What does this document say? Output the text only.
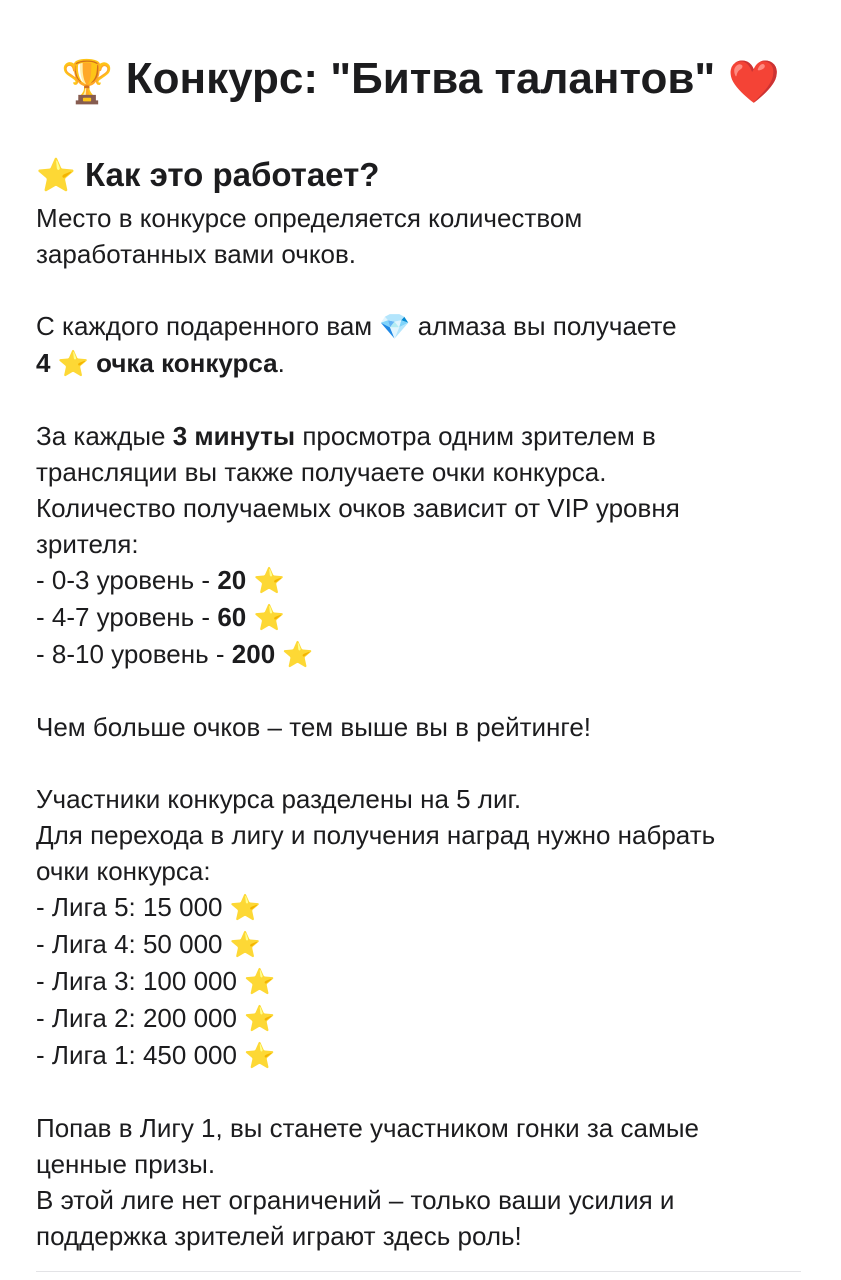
🏆 Конкурс: "Битва талантов" ❤️
⭐ Как это работает?
Место в конкурсе определяется количеством
заработанных вами очков.
С каждого подаренного вам 💎 алмаза вы получаете
4 ⭐ очка конкурса.
За каждые 3 минуты просмотра одним зрителем в
трансляции вы также получаете очки конкурса.
Количество получаемых очков зависит от VIP уровня
зрителя:
- 0-3 уровень - 20 ⭐
- 4-7 уровень - 60 ⭐
- 8-10 уровень - 200 ⭐
Чем больше очков – тем выше вы в рейтинге!
Участники конкурса разделены на 5 лиг.
Для перехода в лигу и получения наград нужно набрать
очки конкурса:
- Лига 5: 15 000 ⭐
- Лига 4: 50 000 ⭐
- Лига 3: 100 000 ⭐
- Лига 2: 200 000 ⭐
- Лига 1: 450 000 ⭐
Попав в Лигу 1, вы станете участником гонки за самые
ценные призы.
В этой лиге нет ограничений – только ваши усилия и
поддержка зрителей играют здесь роль!
